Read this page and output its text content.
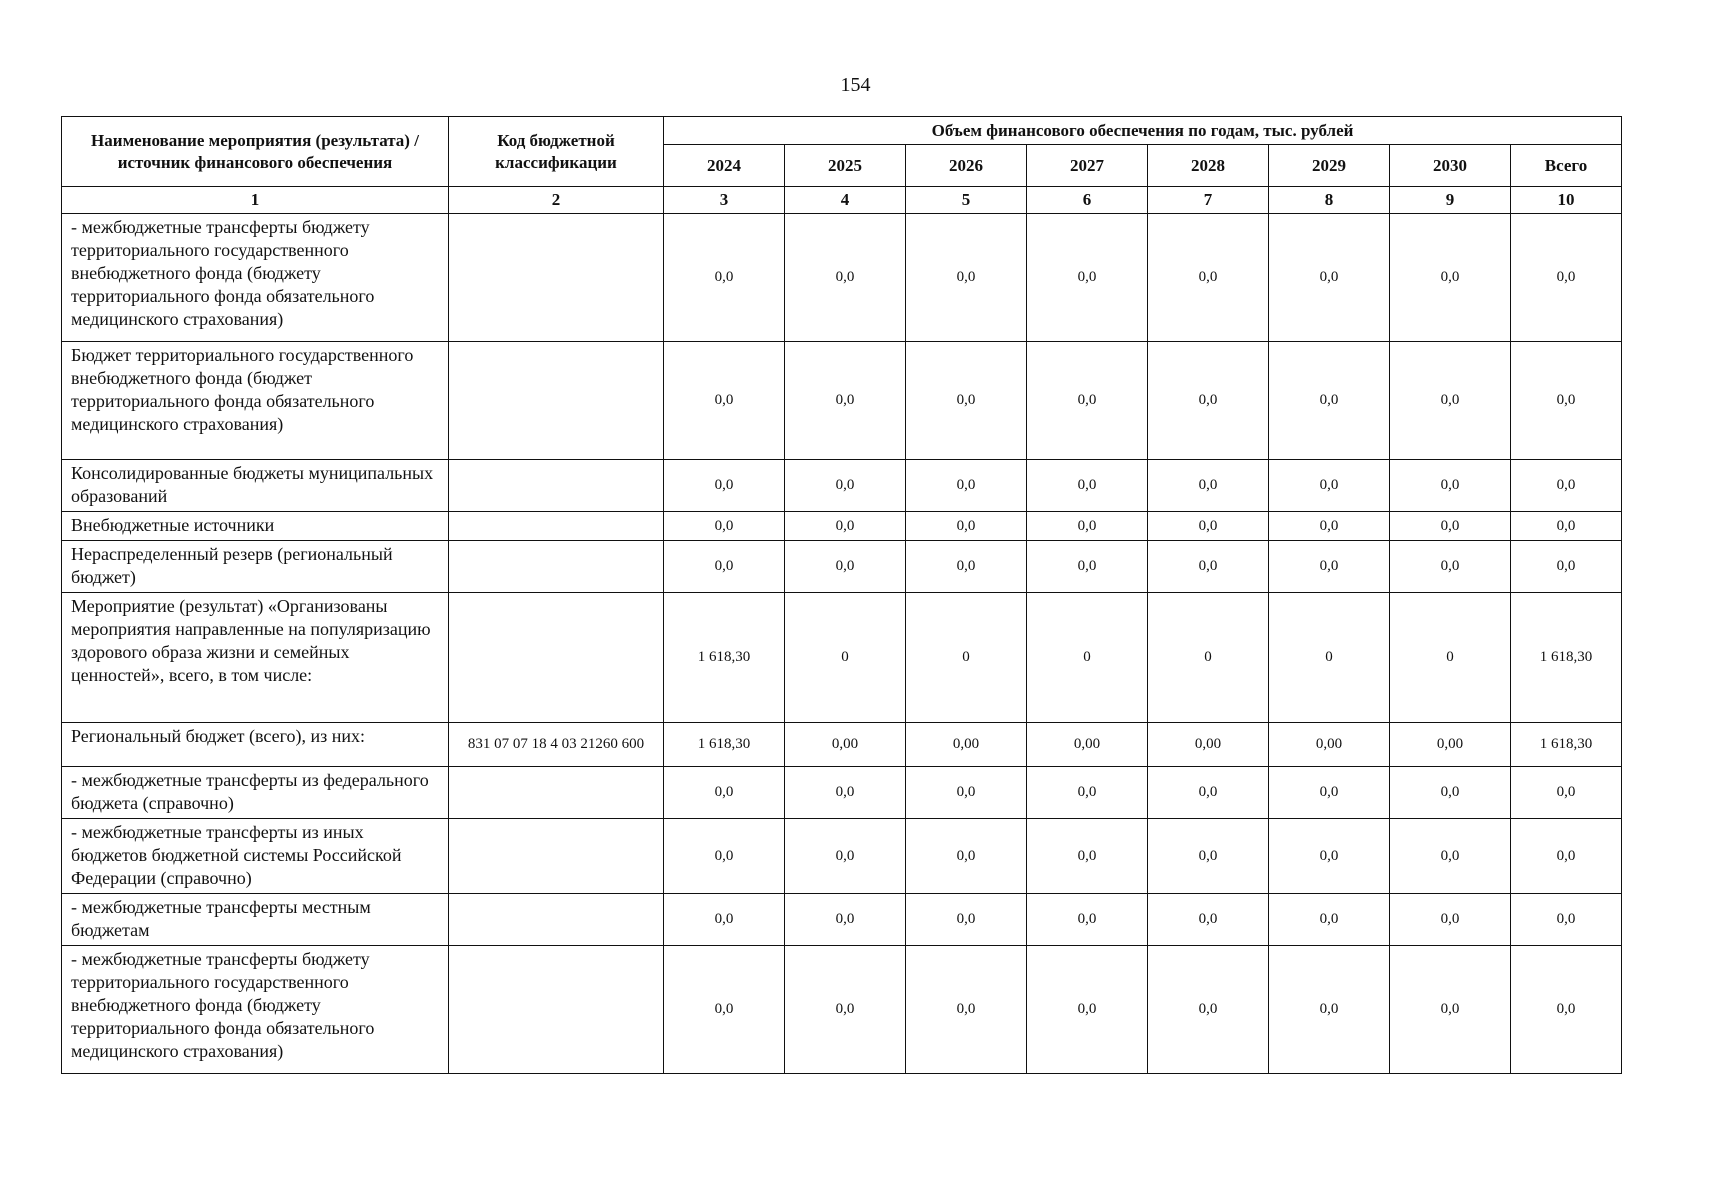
154
Наименование мероприятия (результата) /источник финансового обеспечения	Код бюджетной классификации	Объем финансового обеспечения по годам, тыс. рублей							
		2024	2025	2026	2027	2028	2029	2030	Всего
1	2	3	4	5	6	7	8	9	10
- межбюджетные трансферты бюджету территориального государственного внебюджетного фонда (бюджету территориального фонда обязательного медицинского страхования)		0,0	0,0	0,0	0,0	0,0	0,0	0,0	0,0
Бюджет территориального государственного внебюджетного фонда (бюджет территориального фонда обязательного медицинского страхования)		0,0	0,0	0,0	0,0	0,0	0,0	0,0	0,0
Консолидированные бюджеты муниципальных образований		0,0	0,0	0,0	0,0	0,0	0,0	0,0	0,0
Внебюджетные источники		0,0	0,0	0,0	0,0	0,0	0,0	0,0	0,0
Нераспределенный резерв (региональный бюджет)		0,0	0,0	0,0	0,0	0,0	0,0	0,0	0,0
Мероприятие (результат) «Организованы мероприятия направленные на популяризацию здорового образа жизни и семейных ценностей», всего, в том числе:		1 618,30	0	0	0	0	0	0	1 618,30
Региональный бюджет (всего), из них:	831 07 07 18 4 03 21260 600	1 618,30	0,00	0,00	0,00	0,00	0,00	0,00	1 618,30
- межбюджетные трансферты из федерального бюджета (справочно)		0,0	0,0	0,0	0,0	0,0	0,0	0,0	0,0
- межбюджетные трансферты из иных бюджетов бюджетной системы Российской Федерации (справочно)		0,0	0,0	0,0	0,0	0,0	0,0	0,0	0,0
- межбюджетные трансферты местным бюджетам		0,0	0,0	0,0	0,0	0,0	0,0	0,0	0,0
- межбюджетные трансферты бюджету территориального государственного внебюджетного фонда (бюджету территориального фонда обязательного медицинского страхования)		0,0	0,0	0,0	0,0	0,0	0,0	0,0	0,0
